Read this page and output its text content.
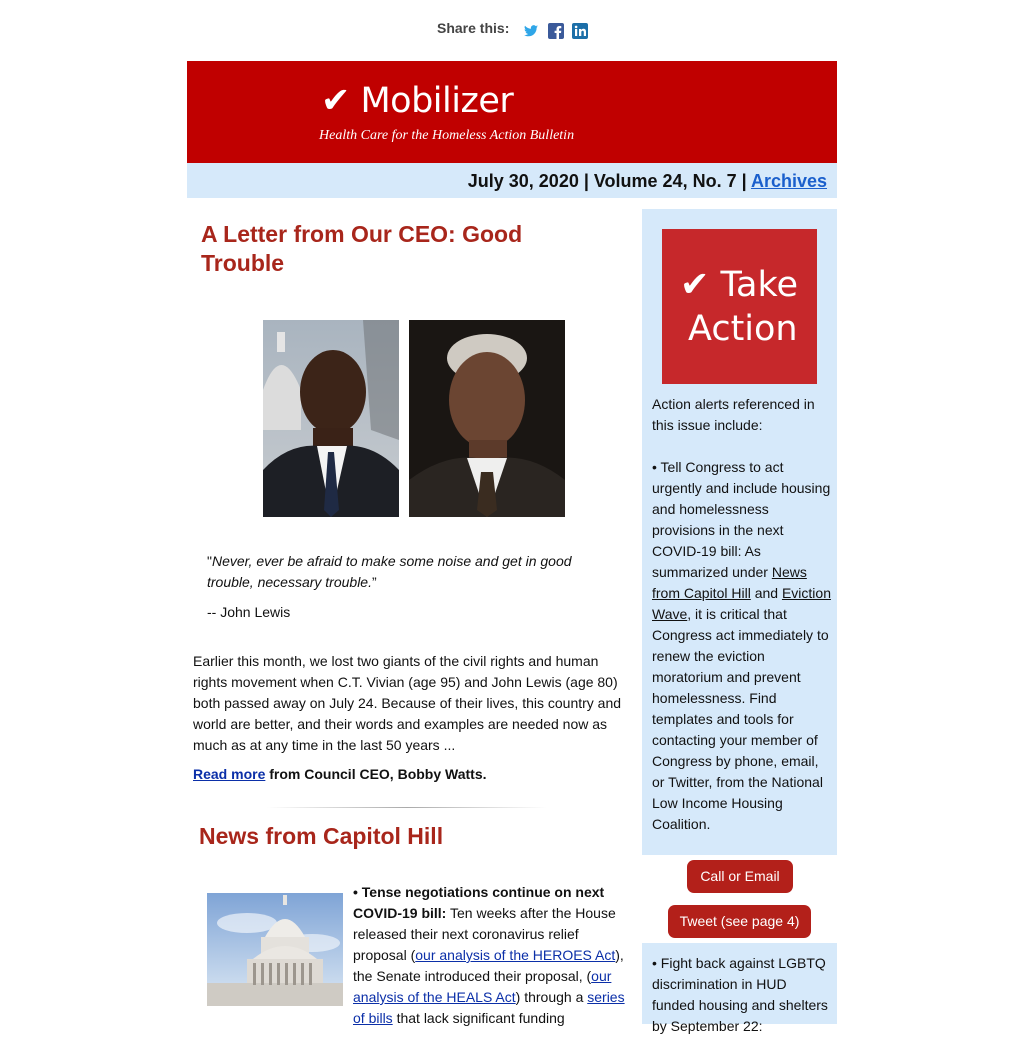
Share this:
✔ Mobilizer
Health Care for the Homeless Action Bulletin
July 30, 2020 | Volume 24, No. 7 | Archives
A Letter from Our CEO: Good Trouble
"Never, ever be afraid to make some noise and get in good trouble, necessary trouble.”
-- John Lewis
Earlier this month, we lost two giants of the civil rights and human rights movement when C.T. Vivian (age 95) and John Lewis (age 80) both passed away on July 24. Because of their lives, this country and world are better, and their words and examples are needed now as much as at any time in the last 50 years ...
Read more from Council CEO, Bobby Watts.
News from Capitol Hill
• Tense negotiations continue on next COVID-19 bill: Ten weeks after the House released their next coronavirus relief proposal (our analysis of the HEROES Act), the Senate introduced their proposal, (our analysis of the HEALS Act) through a series of bills that lack significant funding
✔ Take
Action
Action alerts referenced in this issue include:

• Tell Congress to act urgently and include housing and homelessness provisions in the next COVID-19 bill: As summarized under News from Capitol Hill and Eviction Wave, it is critical that Congress act immediately to renew the eviction moratorium and prevent homelessness. Find templates and tools for contacting your member of Congress by phone, email, or Twitter, from the National Low Income Housing Coalition.
Call or Email
Tweet (see page 4)
• Fight back against LGBTQ discrimination in HUD funded housing and shelters by September 22:
